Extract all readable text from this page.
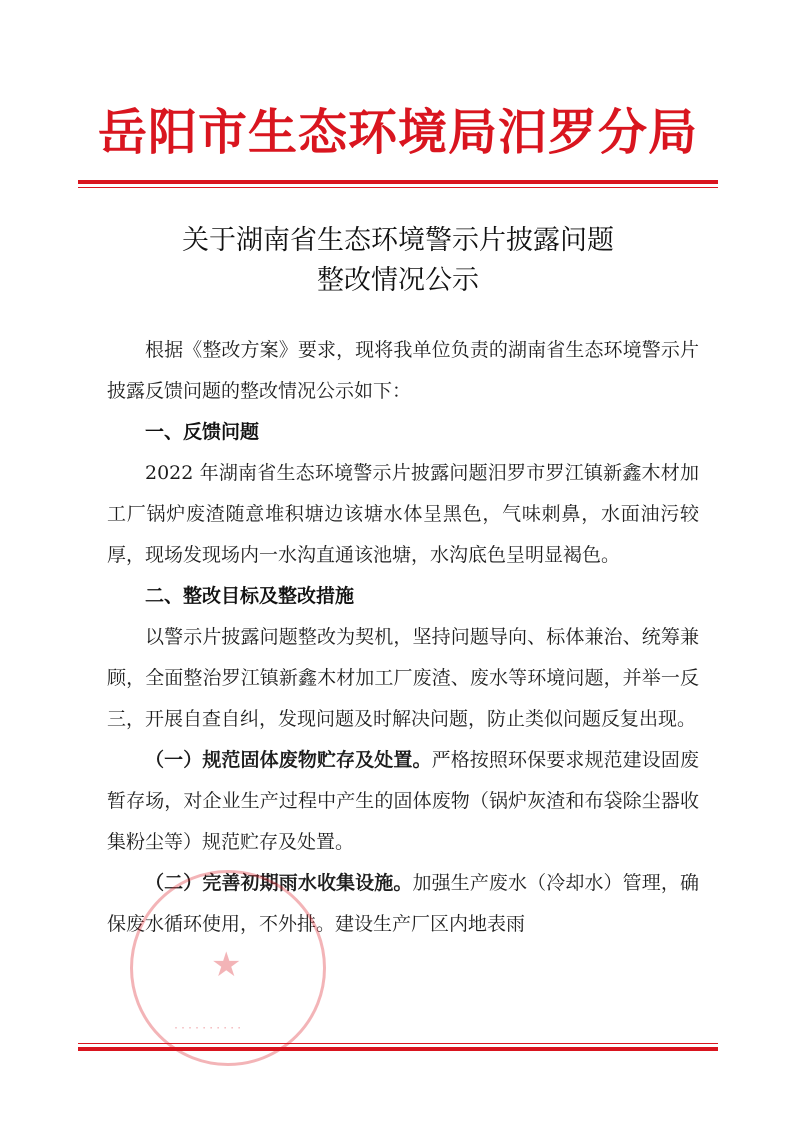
岳阳市生态环境局汨罗分局
关于湖南省生态环境警示片披露问题
整改情况公示

根据《整改方案》要求，现将我单位负责的湖南省生态环境警示片披露反馈问题的整改情况公示如下：

一、反馈问题

2022 年湖南省生态环境警示片披露问题汨罗市罗江镇新鑫木材加工厂锅炉废渣随意堆积塘边该塘水体呈黑色，气味刺鼻，水面油污较厚，现场发现场内一水沟直通该池塘，水沟底色呈明显褐色。

二、整改目标及整改措施

以警示片披露问题整改为契机，坚持问题导向、标体兼治、统筹兼顾，全面整治罗江镇新鑫木材加工厂废渣、废水等环境问题，并举一反三，开展自查自纠，发现问题及时解决问题，防止类似问题反复出现。

（一）规范固体废物贮存及处置。严格按照环保要求规范建设固废暂存场，对企业生产过程中产生的固体废物（锅炉灰渣和布袋除尘器收集粉尘等）规范贮存及处置。

（二）完善初期雨水收集设施。加强生产废水（冷却水）管理，确保废水循环使用，不外排。建设生产厂区内地表雨

★
··········
